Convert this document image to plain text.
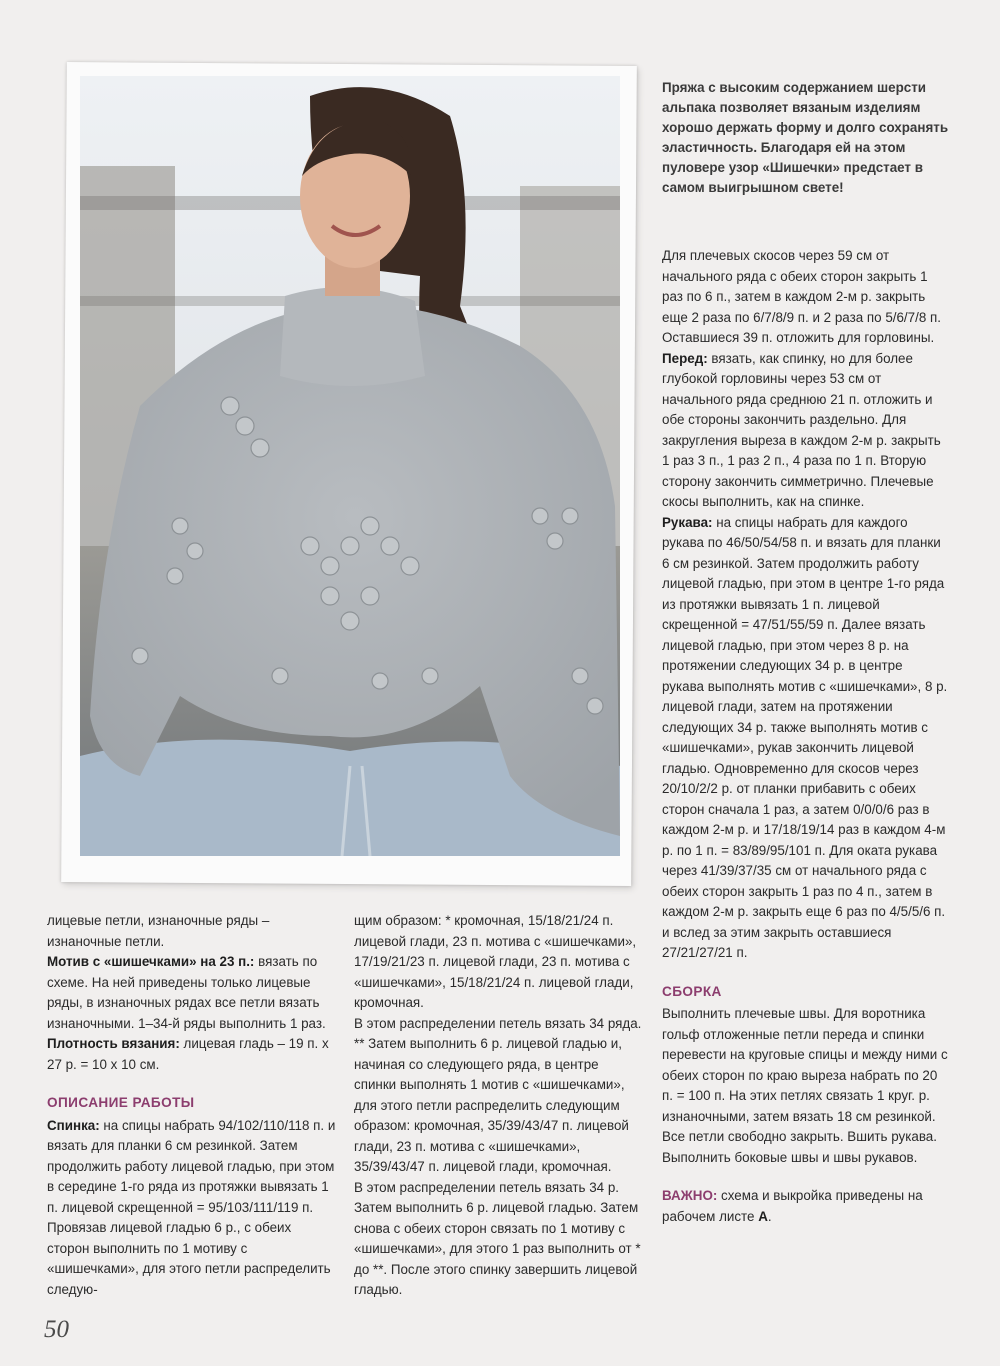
Пряжа с высоким содержанием шерсти альпака позволяет вязаным изделиям хорошо держать форму и долго сохранять эластичность. Благодаря ей на этом пуловере узор «Шишечки» предстает в самом выигрышном свете!

Для плечевых скосов через 59 см от начального ряда с обеих сторон закрыть 1 раз по 6 п., затем в каждом 2-м р. закрыть еще 2 раза по 6/7/8/9 п. и 2 раза по 5/6/7/8 п. Оставшиеся 39 п. отложить для горловины.

Перед: вязать, как спинку, но для более глубокой горловины через 53 см от начального ряда среднюю 21 п. отложить и обе стороны закончить раздельно. Для закругления выреза в каждом 2-м р. закрыть 1 раз 3 п., 1 раз 2 п., 4 раза по 1 п. Вторую сторону закончить симметрично. Плечевые скосы выполнить, как на спинке.

Рукава: на спицы набрать для каждого рукава по 46/50/54/58 п. и вязать для планки 6 см резинкой. Затем продолжить работу лицевой гладью, при этом в центре 1-го ряда из протяжки вывязать 1 п. лицевой скрещенной = 47/51/55/59 п. Далее вязать лицевой гладью, при этом через 8 р. на протяжении следующих 34 р. в центре рукава выполнять мотив с «шишечками», 8 р. лицевой глади, затем на протяжении следующих 34 р. также выполнять мотив с «шишечками», рукав закончить лицевой гладью. Одновременно для скосов через 20/10/2/2 р. от планки прибавить с обеих сторон сначала 1 раз, а затем 0/0/0/6 раз в каждом 2-м р. и 17/18/19/14 раз в каждом 4-м р. по 1 п. = 83/89/95/101 п. Для оката рукава через 41/39/37/35 см от начального ряда с обеих сторон закрыть 1 раз по 4 п., затем в каждом 2-м р. закрыть еще 6 раз по 4/5/5/6 п. и вслед за этим закрыть оставшиеся 27/21/27/21 п.

СБОРКА

Выполнить плечевые швы. Для воротника гольф отложенные петли переда и спинки перевести на круговые спицы и между ними с обеих сторон по краю выреза набрать по 20 п. = 100 п. На этих петлях связать 1 круг. р. изнаночными, затем вязать 18 см резинкой. Все петли свободно закрыть. Вшить рукава. Выполнить боковые швы и швы рукавов.

ВАЖНО: схема и выкройка приведены на рабочем листе А.

лицевые петли, изнаночные ряды – изнаночные петли.

Мотив с «шишечками» на 23 п.: вязать по схеме. На ней приведены только лицевые ряды, в изнаночных рядах все петли вязать изнаночными. 1–34-й ряды выполнить 1 раз.

Плотность вязания: лицевая гладь – 19 п. х 27 р. = 10 х 10 см.

ОПИСАНИЕ РАБОТЫ

Спинка: на спицы набрать 94/102/110/118 п. и вязать для планки 6 см резинкой. Затем продолжить работу лицевой гладью, при этом в середине 1-го ряда из протяжки вывязать 1 п. лицевой скрещенной = 95/103/111/119 п. Провязав лицевой гладью 6 р., с обеих сторон выполнить по 1 мотиву с «шишечками», для этого петли распределить следую-

щим образом: * кромочная, 15/18/21/24 п. лицевой глади, 23 п. мотива с «шишечками», 17/19/21/23 п. лицевой глади, 23 п. мотива с «шишечками», 15/18/21/24 п. лицевой глади, кромочная.

В этом распределении петель вязать 34 ряда. ** Затем выполнить 6 р. лицевой гладью и, начиная со следующего ряда, в центре спинки выполнять 1 мотив с «шишечками», для этого петли распределить следующим образом: кромочная, 35/39/43/47 п. лицевой глади, 23 п. мотива с «шишечками», 35/39/43/47 п. лицевой глади, кромочная.

В этом распределении петель вязать 34 р. Затем выполнить 6 р. лицевой гладью. Затем снова с обеих сторон связать по 1 мотиву с «шишечками», для этого 1 раз выполнить от * до **. После этого спинку завершить лицевой гладью.

50
